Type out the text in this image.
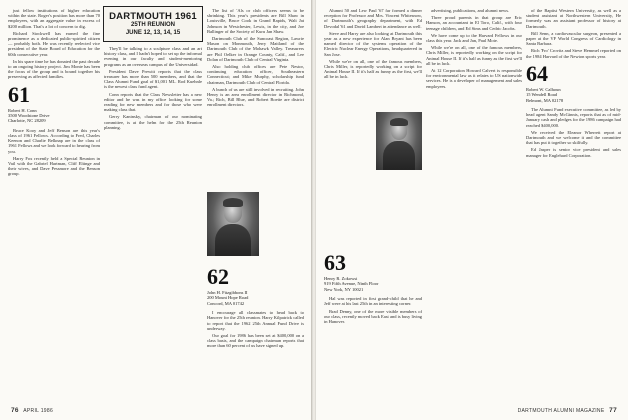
just fellow institutions of higher education within the state. Roger's position has more than 70 employees, with an aggregate value in excess of $200 million. That's a lot of concern to dig.

Richard Stockwell has earned the fine prominence as a dedicated public-spirited citizen — probably both. He was recently reelected vice president of the State Board of Education for the 60th consecutive year.

In his spare time he has donated the past decade to an ongoing history project. Jim Monte has been the focus of the group and is bound together his preserving as affected families.

61
Robert H. Conn
3500 Woodstone Drive
Charlotte, NC 28209

Bruce Kooy and Jeff Benson are this year's class of 1961 Fellows. According to Fred, Charles Keenon and Charlie Belknap are in the class of 1961 Fellows and we look forward to hearing from you.

Harry Fox recently held a Special Reunion in Vail with the Gabriel Hartman, Cliff Eltinge and their wives, and Dave Pessmore and the Benson group.

DARTMOUTH 1961
25TH REUNION
JUNE 12, 13, 14, 15

They'll be talking to a sculpture class and an art history class, and I hadn't hoped to set up the informal evening in our faculty and student-mentoring programs as an overseas campus of the Universidad.

President Dave Prewitt reports that the class treasurer has more than 500 members, and that the Class Alumni Fund goal of $1,001 ML. Rod Kuehnle is the newest class fund agent.

Conn reports that the Class Newsletter has a new editor and he was in my office looking for some reading for new members and for those who were making class that.

Gerry Kaninsky, chairman of our nominating committee, is at the helm for the 25th Reunion planning.

The list of 'Als or club officers seems to be shrinking. This year's presidents are Bill Shaw in Louisville, Bruce Cook in Grand Rapids, Walt Jat Johnson in Westchester, Lewis, in the city, and Joe Ballinger of the Society of Kuru Jan Shaw.

Dartmouth Club of the Suncoast Region, Lawrie Mason on Monmouth, Jerry Maitland of the Dartmouth Club of the Mohawk Valley. Treasurers are Phil Oelker in Orange County, Calif., and Lee Dolan of Dartmouth Club of Central Virginia.

Also holding club offices are Pete Nestor, continuing education officer, Southeastern Connecticut; and Mike Murphy, scholarship fund chairman, Dartmouth Club of Central Florida.

A bunch of us are still involved in recruiting. John Henry is an area enrollment director in Richmond, Va.; Rich, Bill Blue, and Robert Boette are district enrollment directors.

62
John H. Fitzgibbons II
200 Mount Hope Road
Concord, MA 01742

I encourage all classmates to head back to Hanover for the 25th reunion. Harry Kilpatrick called to report that the 1962 25th Annual Fund Drive is underway.

Our goal for 1986 has been set at $400,000 on a class basis, and the campaign chairman reports that more than 60 percent of us have signed up.

76 APRIL 1986

Alumni 50 and Lew Paul '67 far formed a dinner reception for Professor and Mrs. Vincent Whitesnow, of Dartmouth's geography department, with Ed Devodal '61 and David Lambert in attendance as well.

Steve and Harry are also looking at Dartmouth this year as a new experience for Alan Bryant has been named director of the systems operation of the Electric Nuclear Energy Operations, headquartered in San Jose.

While we're on all, one of the famous members, Chris Miller, is reportedly working on a script for Animal House II. If it's half as funny as the first, we'll all be in luck.

63
Henry R. Zokowsi
919 Fifth Avenue, Ninth Floor
New York, NY 10021

Hal was reported in first grand-child that he and Jeff were at his last 25th in an interesting corner.

Brad Denny, one of the more visible members of our class, recently moved back East and is busy living in Hanover.

advertising, publications, and alumni news.

Three proud parents in that group are Eric Hanson, an accountant in El Toro, Calif., with four teenage children, and Ed Sims and Cedric Jacobs.

We have come up to the Harvard Fellows in our class this year. Jack and Jan, Paul Mote.

While we're on all, one of the famous members, Chris Miller, is reportedly working on the script for Animal House II. If it's half as funny as the first we'll all be in luck.

At 12 Corporation Howard Calvert is responsible for environmental law as it relates to US nationwide services. He is a developer of management and sales employees.

of the Baptist Western University, as well as a student assistant at Northwestern University, He formerly was an assistant professor of history at Dartmouth.

Bill Senn, a cardiovascular surgeon, presented a paper at the VF World Congress of Cardiology in Santa Barbara.

Rich 'Fro' Crovitz and Steve Hemmel reported on the 1984 Harvard of the Newton sports year.

64
Robert W. Calhoun
15 Wendell Road
Belmont, MA 02178

The Alumni Fund executive committee, as led by head agent Sandy McGinnis, reports that as of mid-January cash and pledges for the 1986 campaign had reached $400,000.

We received the Eleanor Wherrett report at Dartmouth and we welcome it and the committee that has put it together so skilfully.

Ed Jasper is senior vice president and sales manager for Englehard Corporation.

DARTMOUTH ALUMNI MAGAZINE 77
